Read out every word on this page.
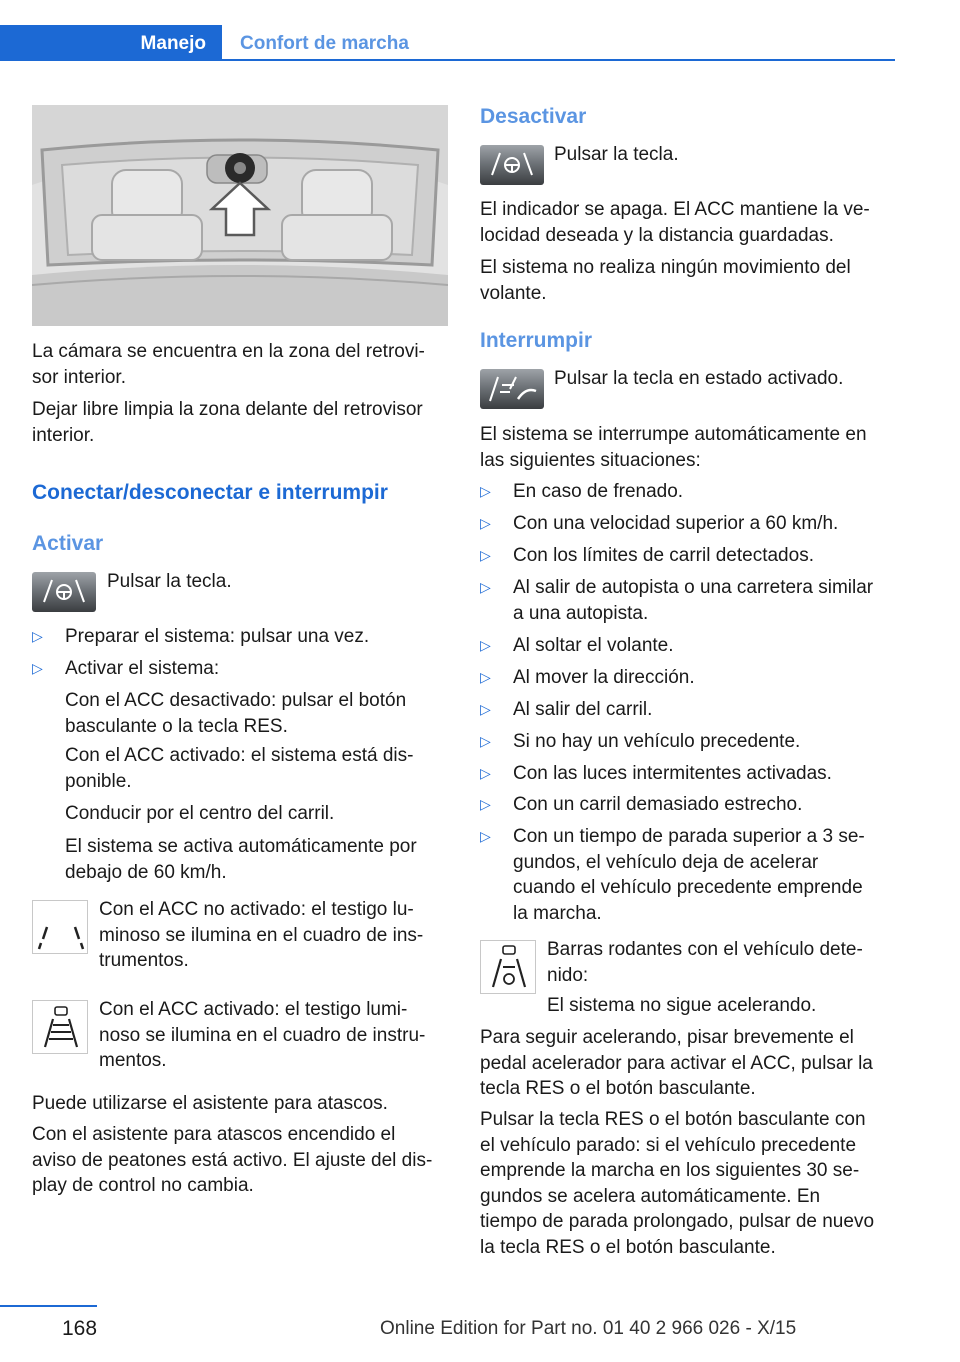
Manejo Confort de marcha
La cámara se encuentra en la zona del retrovi-
sor interior.
Dejar libre limpia la zona delante del retrovisor
interior.
Conectar/desconectar e interrumpir
Activar
Pulsar la tecla.
▷ Preparar el sistema: pulsar una vez.
▷ Activar el sistema:
Con el ACC desactivado: pulsar el botón
basculante o la tecla RES.
Con el ACC activado: el sistema está dis-
ponible.
Conducir por el centro del carril.
El sistema se activa automáticamente por
debajo de 60 km/h.
Con el ACC no activado: el testigo lu-
minoso se ilumina en el cuadro de ins-
trumentos.
Con el ACC activado: el testigo lumi-
noso se ilumina en el cuadro de instru-
mentos.
Puede utilizarse el asistente para atascos.
Con el asistente para atascos encendido el
aviso de peatones está activo. El ajuste del dis-
play de control no cambia.
Desactivar
Pulsar la tecla.
El indicador se apaga. El ACC mantiene la ve-
locidad deseada y la distancia guardadas.
El sistema no realiza ningún movimiento del
volante.
Interrumpir
Pulsar la tecla en estado activado.
El sistema se interrumpe automáticamente en
las siguientes situaciones:
▷ En caso de frenado.
▷ Con una velocidad superior a 60 km/h.
▷ Con los límites de carril detectados.
▷ Al salir de autopista o una carretera similar
a una autopista.
▷ Al soltar el volante.
▷ Al mover la dirección.
▷ Al salir del carril.
▷ Si no hay un vehículo precedente.
▷ Con las luces intermitentes activadas.
▷ Con un carril demasiado estrecho.
▷ Con un tiempo de parada superior a 3 se-
gundos, el vehículo deja de acelerar
cuando el vehículo precedente emprende
la marcha.
Barras rodantes con el vehículo dete-
nido:
El sistema no sigue acelerando.
Para seguir acelerando, pisar brevemente el
pedal acelerador para activar el ACC, pulsar la
tecla RES o el botón basculante.
Pulsar la tecla RES o el botón basculante con
el vehículo parado: si el vehículo precedente
emprende la marcha en los siguientes 30 se-
gundos se acelera automáticamente. En
tiempo de parada prolongado, pulsar de nuevo
la tecla RES o el botón basculante.
168	Online Edition for Part no. 01 40 2 966 026 - X/15
